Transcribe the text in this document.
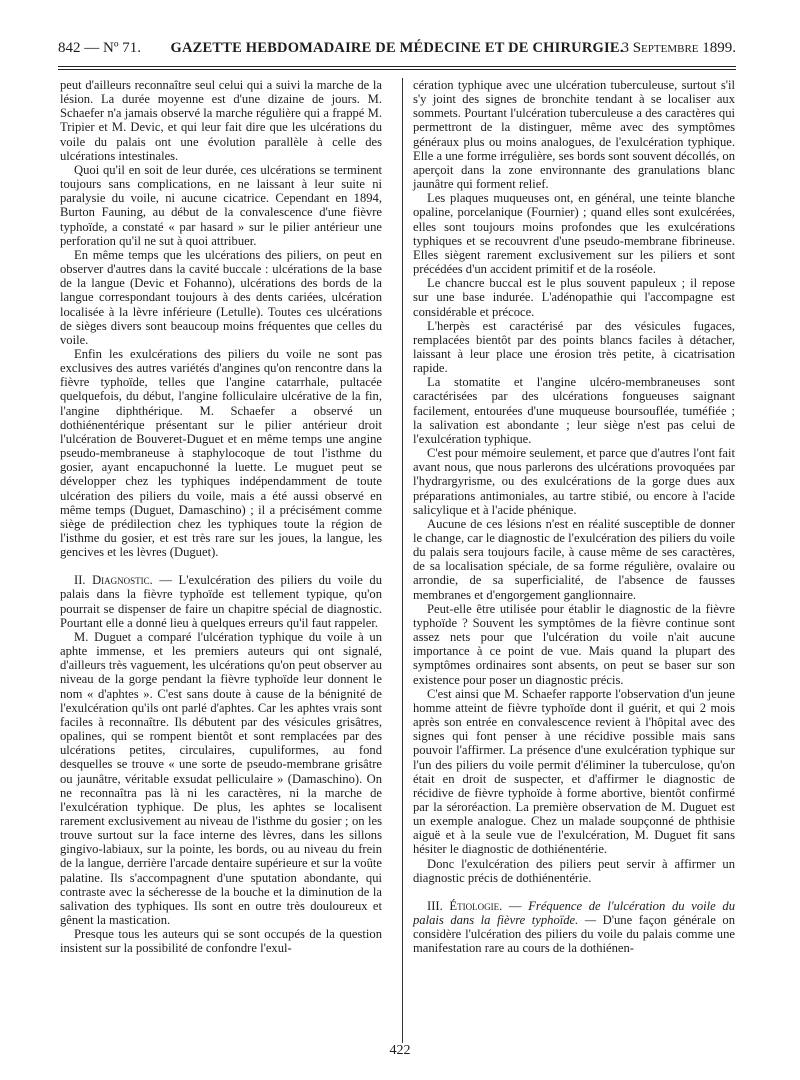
842 — Nº 71.	GAZETTE HEBDOMADAIRE DE MÉDECINE ET DE CHIRURGIE.
3 Septembre 1899.

peut d'ailleurs reconnaître seul celui qui a suivi la marche de la lésion. La durée moyenne est d'une dizaine de jours. M. Schaefer n'a jamais observé la marche régulière qui a frappé M. Tripier et M. Devic, et qui leur fait dire que les ulcérations du voile du palais ont une évolution parallèle à celle des ulcérations intestinales.

Quoi qu'il en soit de leur durée, ces ulcérations se terminent toujours sans complications, en ne laissant à leur suite ni paralysie du voile, ni aucune cicatrice. Cependant en 1894, Burton Fauning, au début de la convalescence d'une fièvre typhoïde, a constaté « par hasard » sur le pilier antérieur une perforation qu'il ne sut à quoi attribuer.

En même temps que les ulcérations des piliers, on peut en observer d'autres dans la cavité buccale : ulcérations de la base de la langue (Devic et Fohanno), ulcérations des bords de la langue correspondant toujours à des dents cariées, ulcération localisée à la lèvre inférieure (Letulle). Toutes ces ulcérations de sièges divers sont beaucoup moins fréquentes que celles du voile.

Enfin les exulcérations des piliers du voile ne sont pas exclusives des autres variétés d'angines qu'on rencontre dans la fièvre typhoïde, telles que l'angine catarrhale, pultacée quelquefois, du début, l'angine folliculaire ulcérative de la fin, l'angine diphthérique. M. Schaefer a observé un dothiénentérique présentant sur le pilier antérieur droit l'ulcération de Bouveret-Duguet et en même temps une angine pseudo-membraneuse à staphylocoque de tout l'isthme du gosier, ayant encapuchonné la luette. Le muguet peut se développer chez les typhiques indépendamment de toute ulcération des piliers du voile, mais a été aussi observé en même temps (Duguet, Damaschino) ; il a précisément comme siège de prédilection chez les typhiques toute la région de l'isthme du gosier, et est très rare sur les joues, la langue, les gencives et les lèvres (Duguet).

II. Diagnostic. — L'exulcération des piliers du voile du palais dans la fièvre typhoïde est tellement typique, qu'on pourrait se dispenser de faire un chapitre spécial de diagnostic. Pourtant elle a donné lieu à quelques erreurs qu'il faut rappeler.

M. Duguet a comparé l'ulcération typhique du voile à un aphte immense, et les premiers auteurs qui ont signalé, d'ailleurs très vaguement, les ulcérations qu'on peut observer au niveau de la gorge pendant la fièvre typhoïde leur donnent le nom « d'aphtes ». C'est sans doute à cause de la bénignité de l'exulcération qu'ils ont parlé d'aphtes. Car les aphtes vrais sont faciles à reconnaître. Ils débutent par des vésicules grisâtres, opalines, qui se rompent bientôt et sont remplacées par des ulcérations petites, circulaires, cupuliformes, au fond desquelles se trouve « une sorte de pseudo-membrane grisâtre ou jaunâtre, véritable exsudat pelliculaire » (Damaschino). On ne reconnaîtra pas là ni les caractères, ni la marche de l'exulcération typhique. De plus, les aphtes se localisent rarement exclusivement au niveau de l'isthme du gosier ; on les trouve surtout sur la face interne des lèvres, dans les sillons gingivo-labiaux, sur la pointe, les bords, ou au niveau du frein de la langue, derrière l'arcade dentaire supérieure et sur la voûte palatine. Ils s'accompagnent d'une sputation abondante, qui contraste avec la sécheresse de la bouche et la diminution de la salivation des typhiques. Ils sont en outre très douloureux et gênent la mastication.

Presque tous les auteurs qui se sont occupés de la question insistent sur la possibilité de confondre l'exul-

cération typhique avec une ulcération tuberculeuse, surtout s'il s'y joint des signes de bronchite tendant à se localiser aux sommets. Pourtant l'ulcération tuberculeuse a des caractères qui permettront de la distinguer, même avec des symptômes généraux plus ou moins analogues, de l'exulcération typhique. Elle a une forme irrégulière, ses bords sont souvent décollés, on aperçoit dans la zone environnante des granulations blanc jaunâtre qui forment relief.

Les plaques muqueuses ont, en général, une teinte blanche opaline, porcelanique (Fournier) ; quand elles sont exulcérées, elles sont toujours moins profondes que les exulcérations typhiques et se recouvrent d'une pseudo-membrane fibrineuse. Elles siègent rarement exclusivement sur les piliers et sont précédées d'un accident primitif et de la roséole.

Le chancre buccal est le plus souvent papuleux ; il repose sur une base indurée. L'adénopathie qui l'accompagne est considérable et précoce.

L'herpès est caractérisé par des vésicules fugaces, remplacées bientôt par des points blancs faciles à détacher, laissant à leur place une érosion très petite, à cicatrisation rapide.

La stomatite et l'angine ulcéro-membraneuses sont caractérisées par des ulcérations fongueuses saignant facilement, entourées d'une muqueuse boursouflée, tuméfiée ; la salivation est abondante ; leur siège n'est pas celui de l'exulcération typhique.

C'est pour mémoire seulement, et parce que d'autres l'ont fait avant nous, que nous parlerons des ulcérations provoquées par l'hydrargyrisme, ou des exulcérations de la gorge dues aux préparations antimoniales, au tartre stibié, ou encore à l'acide salicylique et à l'acide phénique.

Aucune de ces lésions n'est en réalité susceptible de donner le change, car le diagnostic de l'exulcération des piliers du voile du palais sera toujours facile, à cause même de ses caractères, de sa localisation spéciale, de sa forme régulière, ovalaire ou arrondie, de sa superficialité, de l'absence de fausses membranes et d'engorgement ganglionnaire.

Peut-elle être utilisée pour établir le diagnostic de la fièvre typhoïde ? Souvent les symptômes de la fièvre continue sont assez nets pour que l'ulcération du voile n'ait aucune importance à ce point de vue. Mais quand la plupart des symptômes ordinaires sont absents, on peut se baser sur son existence pour poser un diagnostic précis.

C'est ainsi que M. Schaefer rapporte l'observation d'un jeune homme atteint de fièvre typhoïde dont il guérit, et qui 2 mois après son entrée en convalescence revient à l'hôpital avec des signes qui font penser à une récidive possible mais sans pouvoir l'affirmer. La présence d'une exulcération typhique sur l'un des piliers du voile permit d'éliminer la tuberculose, qu'on était en droit de suspecter, et d'affirmer le diagnostic de récidive de fièvre typhoïde à forme abortive, bientôt confirmé par la séroréaction. La première observation de M. Duguet est un exemple analogue. Chez un malade soupçonné de phthisie aiguë et à la seule vue de l'exulcération, M. Duguet fit sans hésiter le diagnostic de dothiénentérie.

Donc l'exulcération des piliers peut servir à affirmer un diagnostic précis de dothiénentérie.

III. Étiologie. — Fréquence de l'ulcération du voile du palais dans la fièvre typhoïde. — D'une façon générale on considère l'ulcération des piliers du voile du palais comme une manifestation rare au cours de la dothiénen-

422
